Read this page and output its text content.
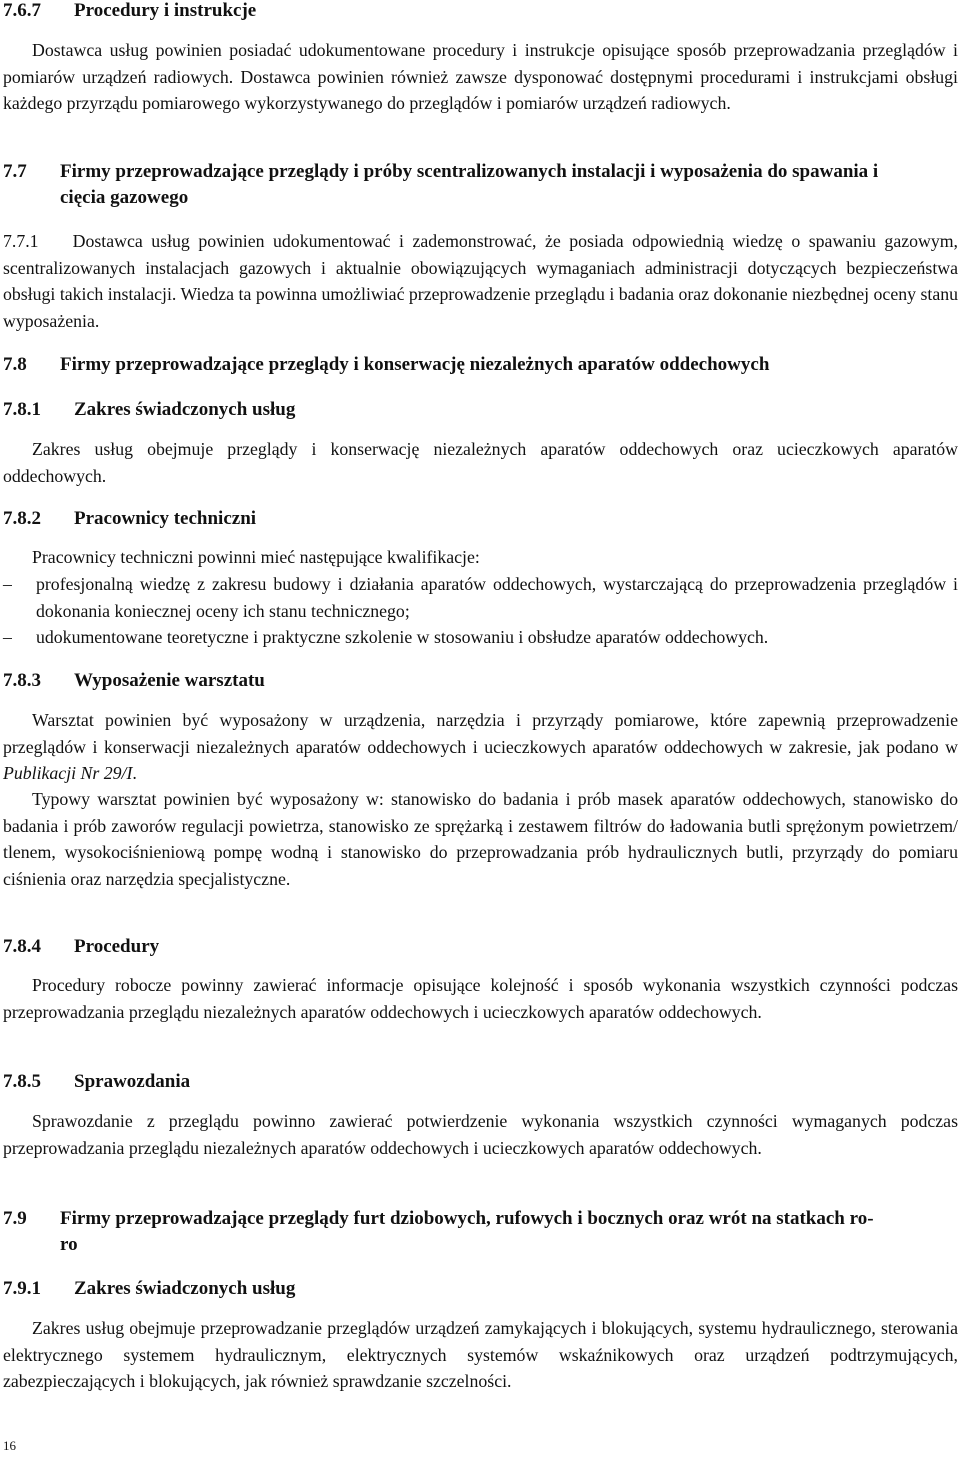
7.6.7 Procedury i instrukcje
Dostawca usług powinien posiadać udokumentowane procedury i instrukcje opisujące sposób przeprowadzania przeglądów i pomiarów urządzeń radiowych. Dostawca powinien również zawsze dysponować dostępnymi procedurami i instrukcjami obsługi każdego przyrządu pomiarowego wykorzystywanego do przeglądów i pomiarów urządzeń radiowych.
7.7	Firmy przeprowadzające przeglądy i próby scentralizowanych instalacji i wyposażenia do spawania i cięcia gazowego
7.7.1 Dostawca usług powinien udokumentować i zademonstrować, że posiada odpowiednią wiedzę o spawaniu gazowym, scentralizowanych instalacjach gazowych i aktualnie obowiązujących wymaganiach administracji dotyczących bezpieczeństwa obsługi takich instalacji. Wiedza ta powinna umożliwiać przeprowadzenie przeglądu i badania oraz dokonanie niezbędnej oceny stanu wyposażenia.
7.8	Firmy przeprowadzające przeglądy i konserwację niezależnych aparatów oddechowych
7.8.1 Zakres świadczonych usług
Zakres usług obejmuje przeglądy i konserwację niezależnych aparatów oddechowych oraz ucieczkowych aparatów oddechowych.
7.8.2 Pracownicy techniczni
Pracownicy techniczni powinni mieć następujące kwalifikacje:
– profesjonalną wiedzę z zakresu budowy i działania aparatów oddechowych, wystarczającą do przeprowadzenia przeglądów i dokonania koniecznej oceny ich stanu technicznego;
– udokumentowane teoretyczne i praktyczne szkolenie w stosowaniu i obsłudze aparatów oddechowych.
7.8.3 Wyposażenie warsztatu
Warsztat powinien być wyposażony w urządzenia, narzędzia i przyrządy pomiarowe, które zapewnią przeprowadzenie przeglądów i konserwacji niezależnych aparatów oddechowych i ucieczkowych aparatów oddechowych w zakresie, jak podano w Publikacji Nr 29/I.
Typowy warsztat powinien być wyposażony w: stanowisko do badania i prób masek aparatów oddechowych, stanowisko do badania i prób zaworów regulacji powietrza, stanowisko ze sprężarką i zestawem filtrów do ładowania butli sprężonym powietrzem/ tlenem, wysokociśnieniową pompę wodną i stanowisko do przeprowadzania prób hydraulicznych butli, przyrządy do pomiaru ciśnienia oraz narzędzia specjalistyczne.
7.8.4 Procedury
Procedury robocze powinny zawierać informacje opisujące kolejność i sposób wykonania wszystkich czynności podczas przeprowadzania przeglądu niezależnych aparatów oddechowych i ucieczkowych aparatów oddechowych.
7.8.5 Sprawozdania
Sprawozdanie z przeglądu powinno zawierać potwierdzenie wykonania wszystkich czynności wymaganych podczas przeprowadzania przeglądu niezależnych aparatów oddechowych i ucieczkowych aparatów oddechowych.
7.9	Firmy przeprowadzające przeglądy furt dziobowych, rufowych i bocznych oraz wrót na statkach ro-ro
7.9.1 Zakres świadczonych usług
Zakres usług obejmuje przeprowadzanie przeglądów urządzeń zamykających i blokujących, systemu hydraulicznego, sterowania elektrycznego systemem hydraulicznym, elektrycznych systemów wskaźnikowych oraz urządzeń podtrzymujących, zabezpieczających i blokujących, jak również sprawdzanie szczelności.
16
